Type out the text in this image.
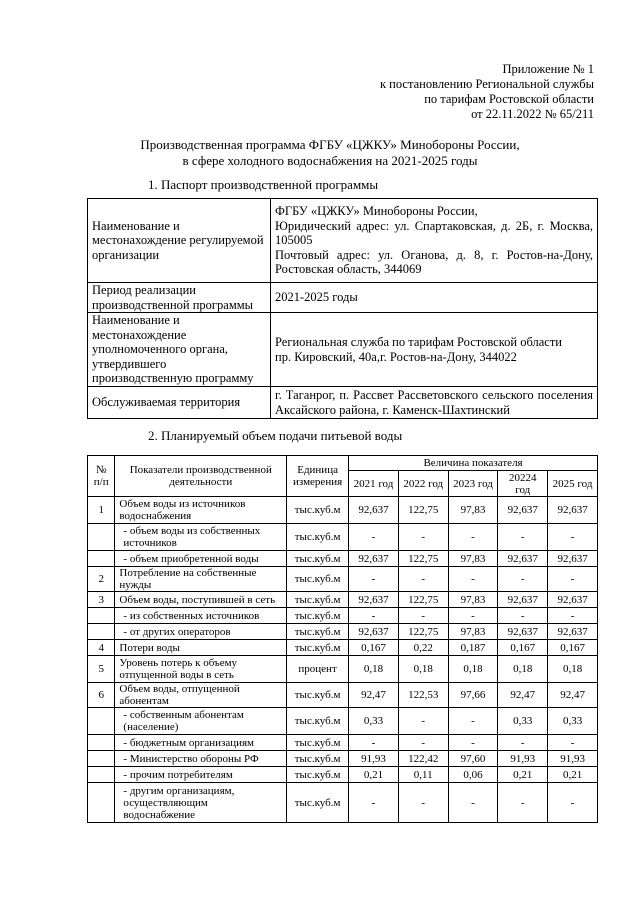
Приложение № 1
к постановлению Региональной службы
по тарифам Ростовской области
от 22.11.2022 № 65/211
Производственная программа ФГБУ «ЦЖКУ» Минобороны России,
в сфере холодного водоснабжения на 2021-2025 годы
1. Паспорт производственной программы
Наименование и местонахождение регулируемой организации	ФГБУ «ЦЖКУ» Минобороны России,
Юридический адрес: ул. Спартаковская, д. 2Б, г. Москва, 105005
Почтовый адрес: ул. Оганова, д. 8, г. Ростов-на-Дону, Ростовская область, 344069

Период реализации производственной программы	2021-2025 годы

Наименование и местонахождение уполномоченного органа, утвердившего производственную программу	Региональная служба по тарифам Ростовской области
пр. Кировский, 40а,г. Ростов-на-Дону, 344022

Обслуживаемая территория	г. Таганрог, п. Рассвет Рассветовского сельского поселения Аксайского района, г. Каменск-Шахтинский
2. Планируемый объем подачи питьевой воды
№ п/п	Показатели производственной деятельности	Единица измерения	Величина показателя				
			2021 год	2022 год	2023 год	20224 год	2025 год
1	Объем воды из источников водоснабжения	тыс.куб.м	92,637	122,75	97,83	92,637	92,637
	- объем воды из собственных источников	тыс.куб.м	-	-	-	-	-
	- объем приобретенной воды	тыс.куб.м	92,637	122,75	97,83	92,637	92,637
2	Потребление на собственные нужды	тыс.куб.м	-	-	-	-	-
3	Объем воды, поступившей в сеть	тыс.куб.м	92,637	122,75	97,83	92,637	92,637
	- из собственных источников	тыс.куб.м	-	-	-	-	-
	- от других операторов	тыс.куб.м	92,637	122,75	97,83	92,637	92,637
4	Потери воды	тыс.куб.м	0,167	0,22	0,187	0,167	0,167
5	Уровень потерь к объему отпущенной воды в сеть	процент	0,18	0,18	0,18	0,18	0,18
6	Объем воды, отпущенной абонентам	тыс.куб.м	92,47	122,53	97,66	92,47	92,47
	- собственным абонентам (население)	тыс.куб.м	0,33	-	-	0,33	0,33
	- бюджетным организациям	тыс.куб.м	-	-	-	-	-
	- Министерство обороны РФ	тыс.куб.м	91,93	122,42	97,60	91,93	91,93
	- прочим потребителям	тыс.куб.м	0,21	0,11	0,06	0,21	0,21
	- другим организациям, осуществляющим водоснабжение	тыс.куб.м	-	-	-	-	-
